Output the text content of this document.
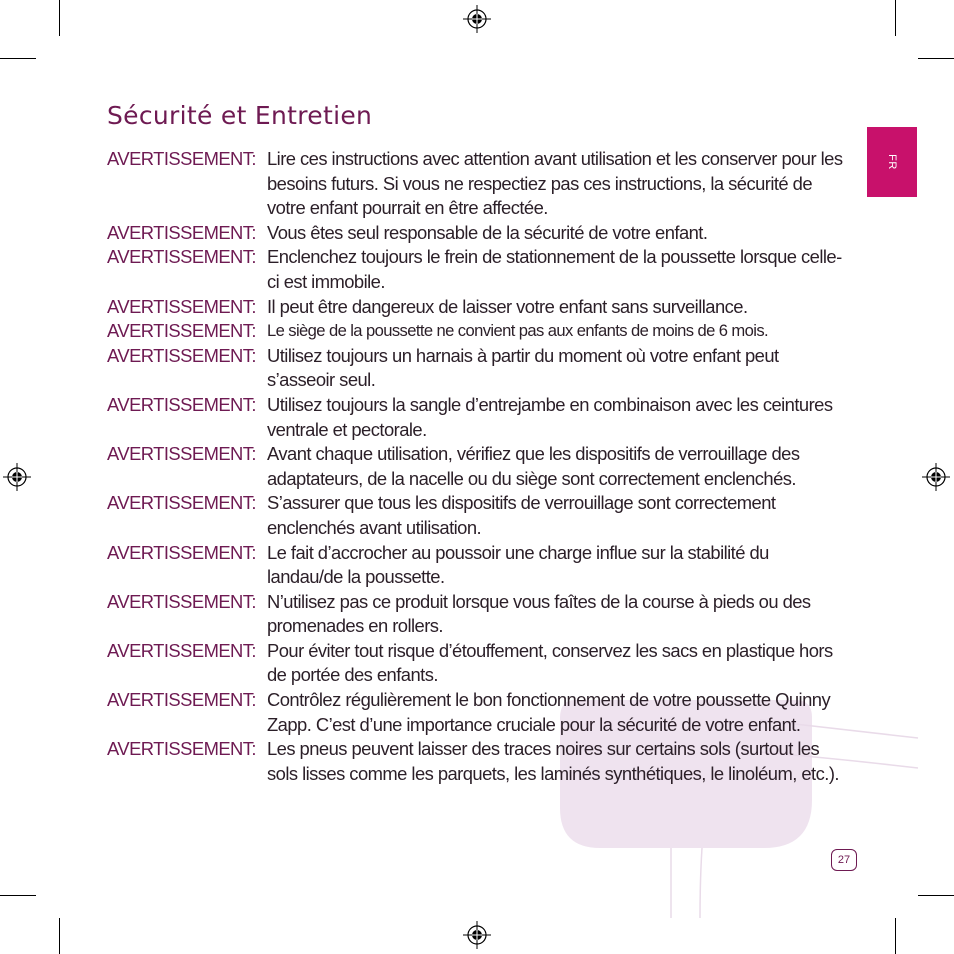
FR
Sécurité et Entretien
AVERTISSEMENT: Lire ces instructions avec attention avant utilisation et les conserver pour les besoins futurs. Si vous ne respectiez pas ces instructions, la sécurité de votre enfant pourrait en être affectée.
AVERTISSEMENT: Vous êtes seul responsable de la sécurité de votre enfant.
AVERTISSEMENT: Enclenchez toujours le frein de stationnement de la poussette lorsque celle-ci est immobile.
AVERTISSEMENT: Il peut être dangereux de laisser votre enfant sans surveillance.
AVERTISSEMENT: Le siège de la poussette ne convient pas aux enfants de moins de 6 mois.
AVERTISSEMENT: Utilisez toujours un harnais à partir du moment où votre enfant peut s’asseoir seul.
AVERTISSEMENT: Utilisez toujours la sangle d’entrejambe en combinaison avec les ceintures ventrale et pectorale.
AVERTISSEMENT: Avant chaque utilisation, vérifiez que les dispositifs de verrouillage des adaptateurs, de la nacelle ou du siège sont correctement enclenchés.
AVERTISSEMENT: S’assurer que tous les dispositifs de verrouillage sont correctement enclenchés avant utilisation.
AVERTISSEMENT: Le fait d’accrocher au poussoir une charge influe sur la stabilité du landau/de la poussette.
AVERTISSEMENT: N’utilisez pas ce produit lorsque vous faîtes de la course à pieds ou des promenades en rollers.
AVERTISSEMENT: Pour éviter tout risque d’étouffement, conservez les sacs en plastique hors de portée des enfants.
AVERTISSEMENT: Contrôlez régulièrement le bon fonctionnement de votre poussette Quinny Zapp. C’est d’une importance cruciale pour la sécurité de votre enfant.
AVERTISSEMENT: Les pneus peuvent laisser des traces noires sur certains sols (surtout les sols lisses comme les parquets, les laminés synthétiques, le linoléum, etc.).
27
